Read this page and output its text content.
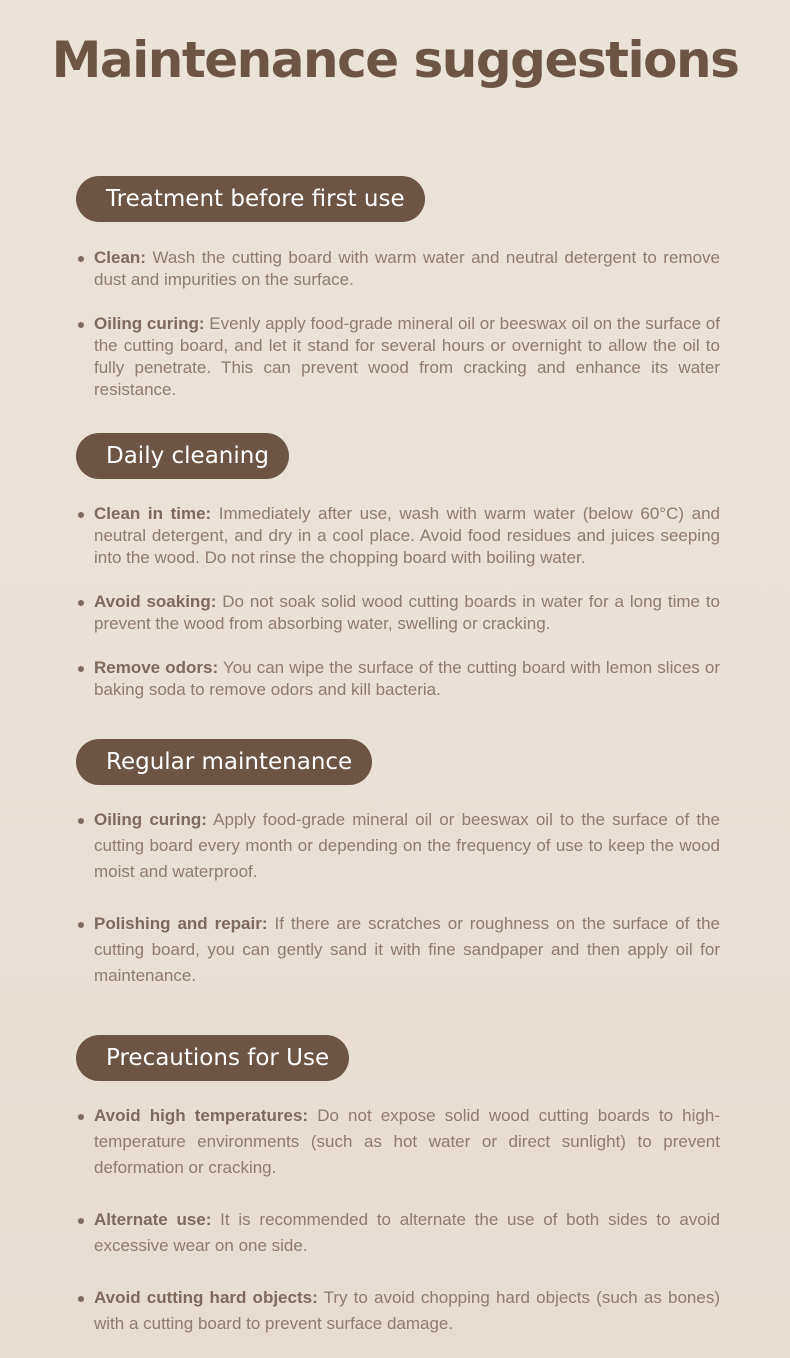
Maintenance suggestions
Treatment before first use
Clean: Wash the cutting board with warm water and neutral detergent to remove dust and impurities on the surface.
Oiling curing: Evenly apply food-grade mineral oil or beeswax oil on the surface of the cutting board, and let it stand for several hours or overnight to allow the oil to fully penetrate. This can prevent wood from cracking and enhance its water resistance.
Daily cleaning
Clean in time: Immediately after use, wash with warm water (below 60°C) and neutral detergent, and dry in a cool place. Avoid food residues and juices seeping into the wood. Do not rinse the chopping board with boiling water.
Avoid soaking: Do not soak solid wood cutting boards in water for a long time to prevent the wood from absorbing water, swelling or cracking.
Remove odors: You can wipe the surface of the cutting board with lemon slices or baking soda to remove odors and kill bacteria.
Regular maintenance
Oiling curing: Apply food-grade mineral oil or beeswax oil to the surface of the cutting board every month or depending on the frequency of use to keep the wood moist and waterproof.
Polishing and repair: If there are scratches or roughness on the surface of the cutting board, you can gently sand it with fine sandpaper and then apply oil for maintenance.
Precautions for Use
Avoid high temperatures: Do not expose solid wood cutting boards to high-temperature environments (such as hot water or direct sunlight) to prevent deformation or cracking.
Alternate use: It is recommended to alternate the use of both sides to avoid excessive wear on one side.
Avoid cutting hard objects: Try to avoid chopping hard objects (such as bones) with a cutting board to prevent surface damage.
